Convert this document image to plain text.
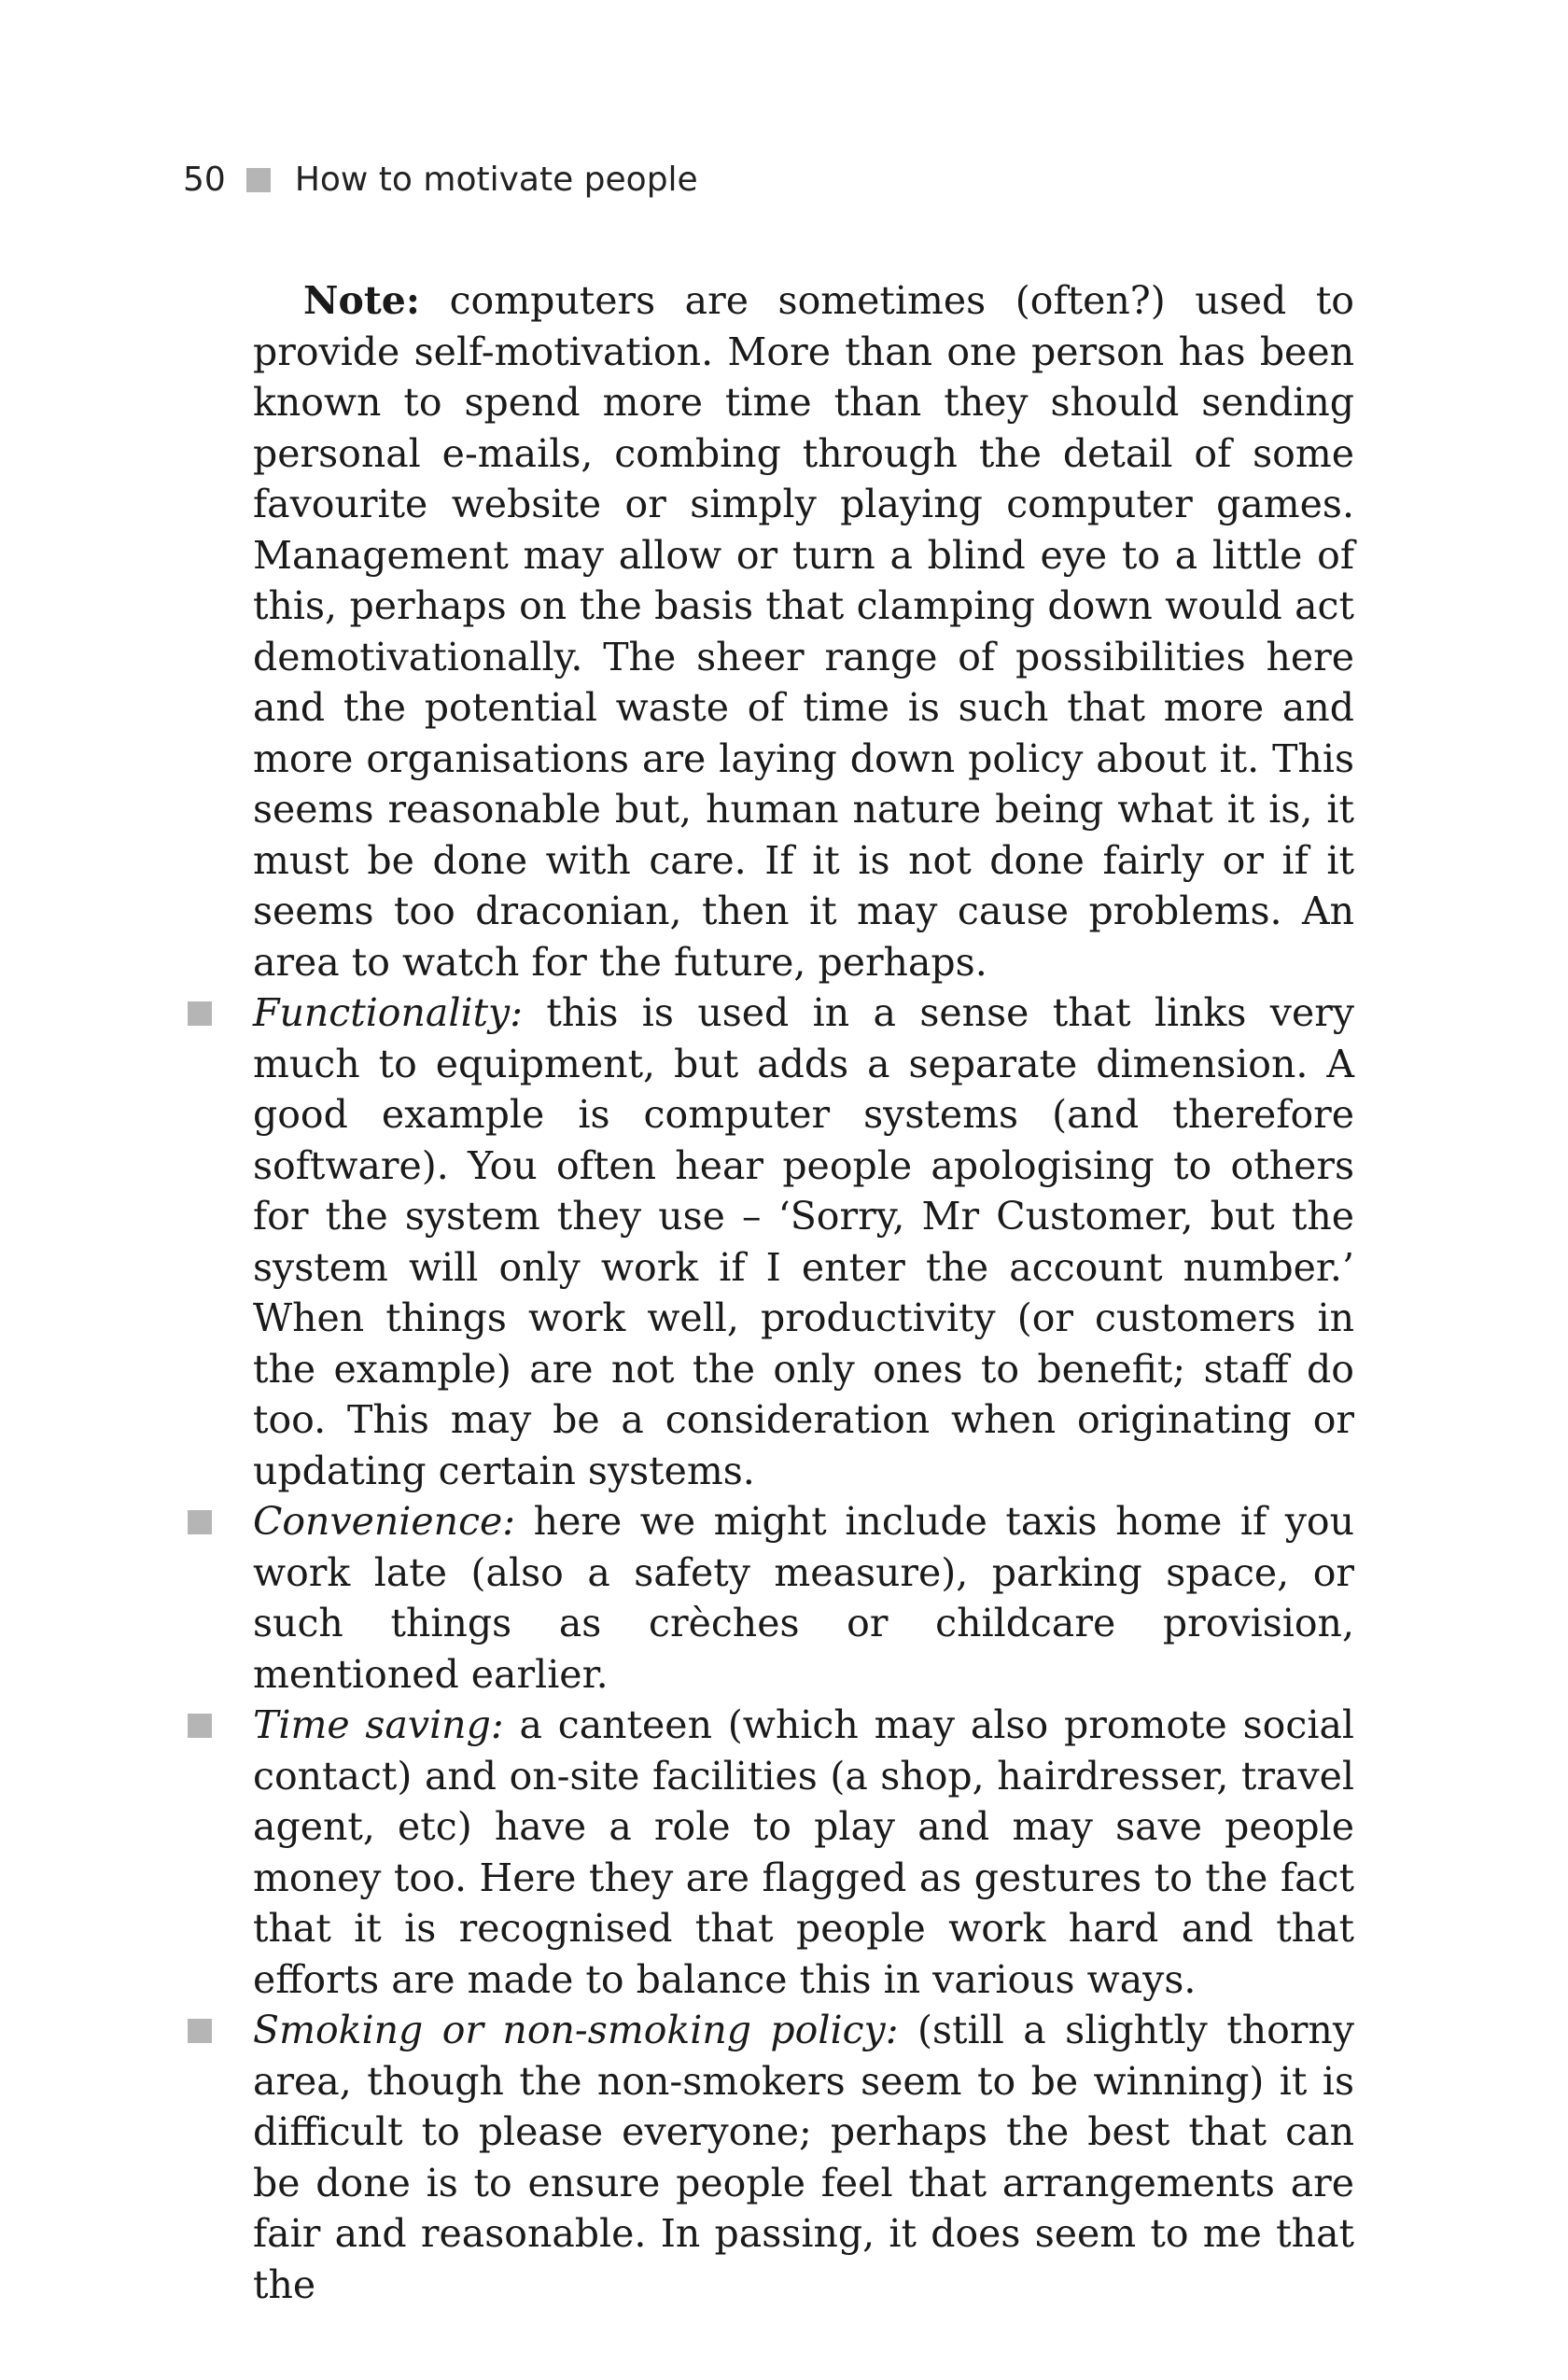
50 How to motivate people

Note: computers are sometimes (often?) used to provide self-motivation. More than one person has been known to spend more time than they should sending personal e-mails, combing through the detail of some favourite website or simply playing computer games. Management may allow or turn a blind eye to a little of this, perhaps on the basis that clamping down would act demotivationally. The sheer range of possibilities here and the potential waste of time is such that more and more organisations are laying down policy about it. This seems reasonable but, human nature being what it is, it must be done with care. If it is not done fairly or if it seems too draconian, then it may cause problems. An area to watch for the future, perhaps.

Functionality: this is used in a sense that links very much to equipment, but adds a separate dimension. A good example is computer systems (and therefore software). You often hear people apologising to others for the system they use – ‘Sorry, Mr Customer, but the system will only work if I enter the account number.’ When things work well, productivity (or customers in the example) are not the only ones to benefit; staff do too. This may be a consideration when originating or updating certain systems.
Convenience: here we might include taxis home if you work late (also a safety measure), parking space, or such things as crèches or childcare provision, mentioned earlier.
Time saving: a canteen (which may also promote social contact) and on-site facilities (a shop, hairdresser, travel agent, etc) have a role to play and may save people money too. Here they are flagged as gestures to the fact that it is recognised that people work hard and that efforts are made to balance this in various ways.
Smoking or non-smoking policy: (still a slightly thorny area, though the non-smokers seem to be winning) it is difficult to please everyone; perhaps the best that can be done is to ensure people feel that arrangements are fair and reasonable. In passing, it does seem to me that the
